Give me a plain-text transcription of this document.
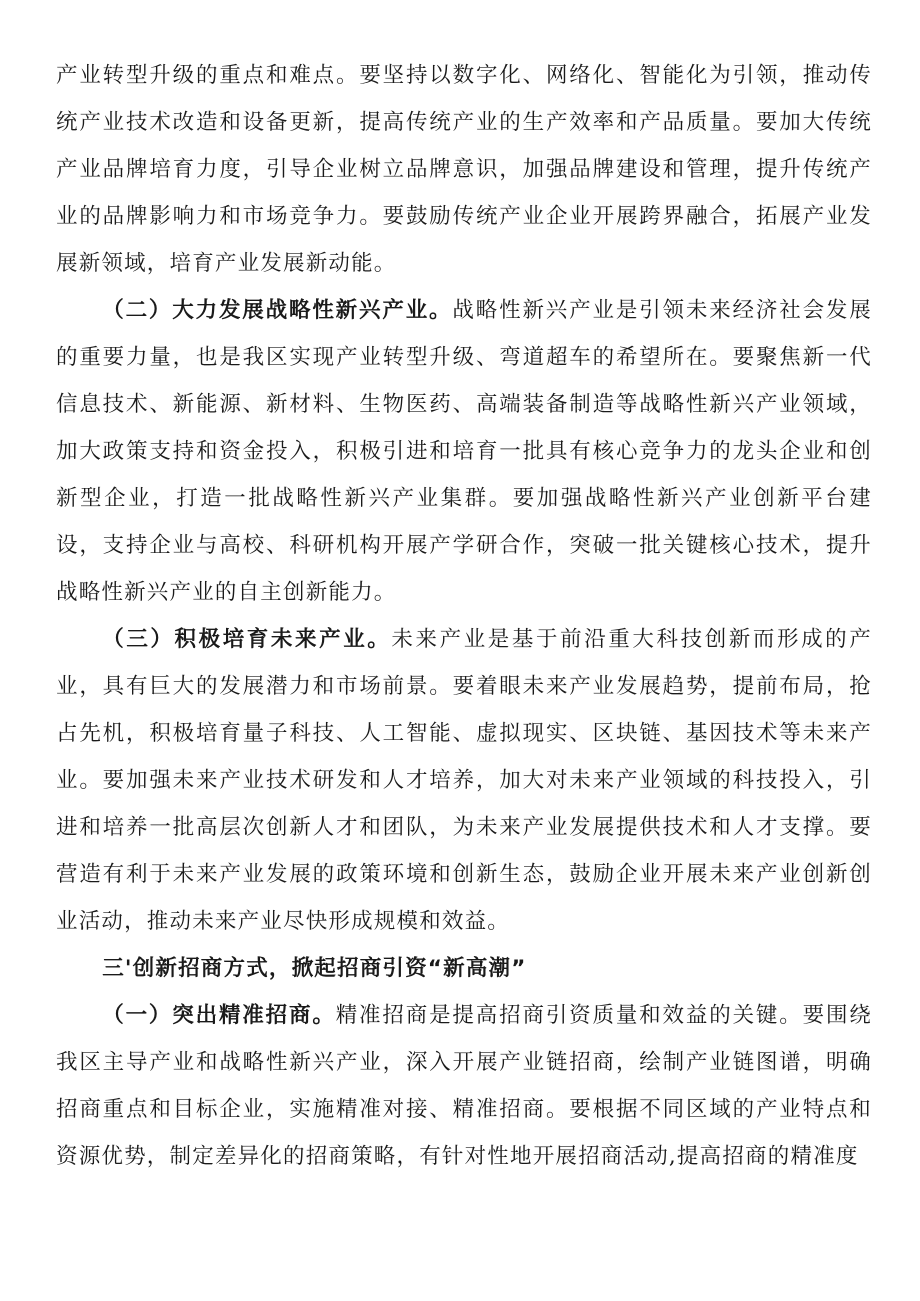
产业转型升级的重点和难点。要坚持以数字化、网络化、智能化为引领，推动传统产业技术改造和设备更新，提高传统产业的生产效率和产品质量。要加大传统产业品牌培育力度，引导企业树立品牌意识，加强品牌建设和管理，提升传统产业的品牌影响力和市场竞争力。要鼓励传统产业企业开展跨界融合，拓展产业发展新领域，培育产业发展新动能。

（二）大力发展战略性新兴产业。战略性新兴产业是引领未来经济社会发展的重要力量，也是我区实现产业转型升级、弯道超车的希望所在。要聚焦新一代信息技术、新能源、新材料、生物医药、高端装备制造等战略性新兴产业领域，加大政策支持和资金投入，积极引进和培育一批具有核心竞争力的龙头企业和创新型企业，打造一批战略性新兴产业集群。要加强战略性新兴产业创新平台建设，支持企业与高校、科研机构开展产学研合作，突破一批关键核心技术，提升战略性新兴产业的自主创新能力。

（三）积极培育未来产业。未来产业是基于前沿重大科技创新而形成的产业，具有巨大的发展潜力和市场前景。要着眼未来产业发展趋势，提前布局，抢占先机，积极培育量子科技、人工智能、虚拟现实、区块链、基因技术等未来产业。要加强未来产业技术研发和人才培养，加大对未来产业领域的科技投入，引进和培养一批高层次创新人才和团队，为未来产业发展提供技术和人才支撑。要营造有利于未来产业发展的政策环境和创新生态，鼓励企业开展未来产业创新创业活动，推动未来产业尽快形成规模和效益。

三'创新招商方式，掀起招商引资“新高潮”

（一）突出精准招商。精准招商是提高招商引资质量和效益的关键。要围绕我区主导产业和战略性新兴产业，深入开展产业链招商，绘制产业链图谱，明确招商重点和目标企业，实施精准对接、精准招商。要根据不同区域的产业特点和资源优势，制定差异化的招商策略，有针对性地开展招商活动,提高招商的精准度
